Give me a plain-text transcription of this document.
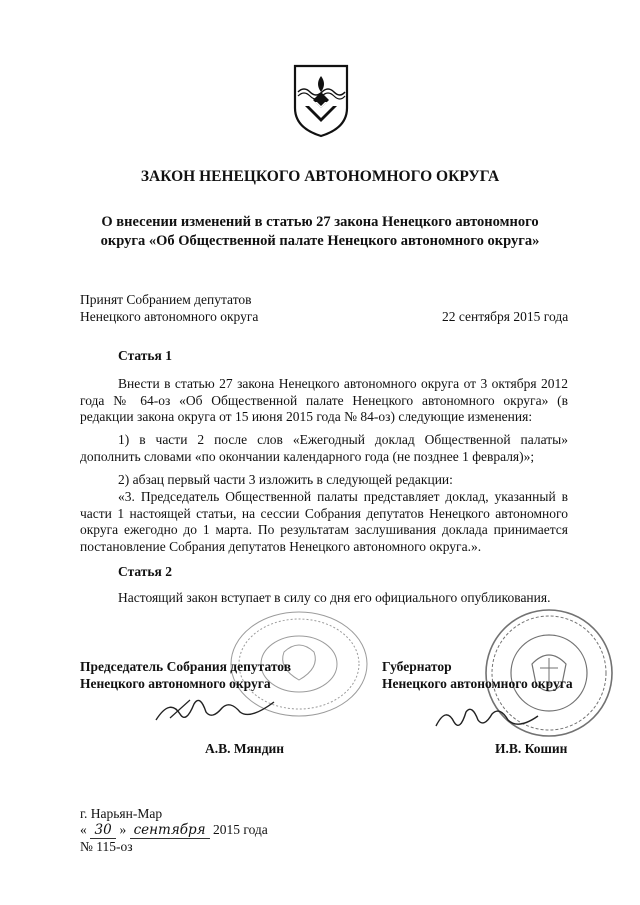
ЗАКОН НЕНЕЦКОГО АВТОНОМНОГО ОКРУГА
О внесении изменений в статью 27 закона Ненецкого автономного
округа «Об Общественной палате Ненецкого автономного округа»
Принят Собранием депутатов
Ненецкого автономного округа	22 сентября 2015 года
Статья 1

Внести в статью 27 закона Ненецкого автономного округа от 3 октября 2012 года № 64-оз «Об Общественной палате Ненецкого автономного округа» (в редакции закона округа от 15 июня 2015 года № 84-оз) следующие изменения:

1) в части 2 после слов «Ежегодный доклад Общественной палаты» дополнить словами «по окончании календарного года (не позднее 1 февраля)»;

2) абзац первый части 3 изложить в следующей редакции:

«3. Председатель Общественной палаты представляет доклад, указанный в части 1 настоящей статьи, на сессии Собрания депутатов Ненецкого автономного округа ежегодно до 1 марта. По результатам заслушивания доклада принимается постановление Собрания депутатов Ненецкого автономного округа.».

Статья 2

Настоящий закон вступает в силу со дня его официального опубликования.

Председатель Собрания депутатов
Ненецкого автономного округа
Губернатор
Ненецкого автономного округа
А.В. Мяндин	И.В. Кошин
г. Нарьян-Мар
« 30 » сентября 2015 года
№ 115-оз
